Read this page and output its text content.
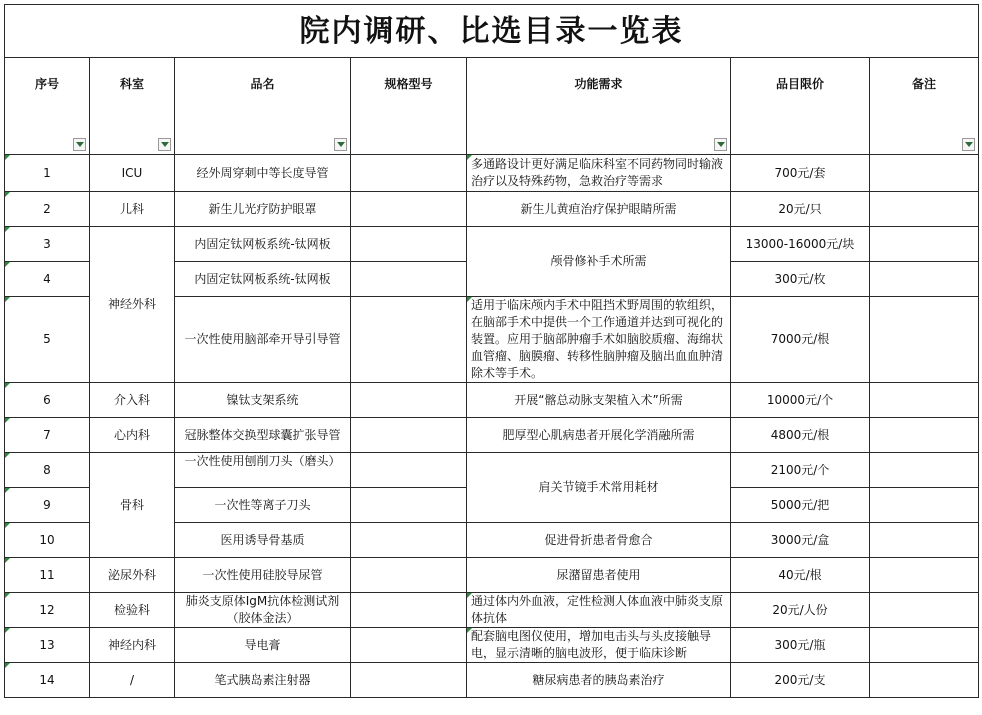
院内调研、比选目录一览表						

序号	科室	品名	规格型号	功能需求	品目限价	备注

1	ICU	经外周穿刺中等长度导管		多通路设计更好满足临床科室不同药物同时输液治疗以及特殊药物，急救治疗等需求	700元/套	
2	儿科	新生儿光疗防护眼罩		新生儿黄疸治疗保护眼睛所需	20元/只	
3	神经外科	内固定钛网板系统-钛网板		颅骨修补手术所需	13000-16000元/块	
4		内固定钛网板系统-钛网板			300元/枚	
5		一次性使用脑部牵开导引导管		适用于临床颅内手术中阻挡术野周围的软组织，在脑部手术中提供一个工作通道并达到可视化的装置。应用于脑部肿瘤手术如脑胶质瘤、海绵状血管瘤、脑膜瘤、转移性脑肿瘤及脑出血血肿清除术等手术。	7000元/根	
6	介入科	镍钛支架系统		开展“髂总动脉支架植入术”所需	10000元/个	
7	心内科	冠脉整体交换型球囊扩张导管		肥厚型心肌病患者开展化学消融所需	4800元/根	
8	骨科	一次性使用刨削刀头（磨头）		肩关节镜手术常用耗材	2100元/个	
9		一次性等离子刀头			5000元/把	
10		医用诱导骨基质		促进骨折患者骨愈合	3000元/盒	
11	泌尿外科	一次性使用硅胶导尿管		尿潴留患者使用	40元/根	
12	检验科	肺炎支原体IgM抗体检测试剂（胶体金法）		通过体内外血液，定性检测人体血液中肺炎支原体抗体	20元/人份	
13	神经内科	导电膏		配套脑电图仪使用，增加电击头与头皮接触导电，显示清晰的脑电波形，便于临床诊断	300元/瓶	
14	/	笔式胰岛素注射器		糖尿病患者的胰岛素治疗	200元/支	
